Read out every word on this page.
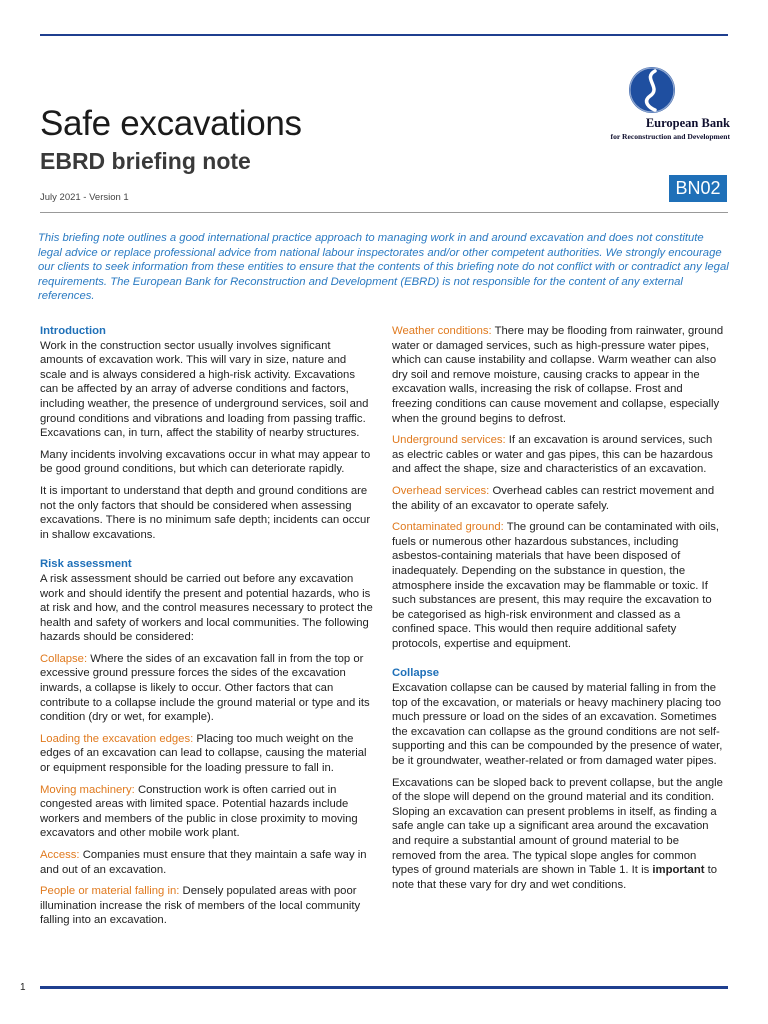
Safe excavations
EBRD briefing note
July 2021 - Version 1
European Bank
for Reconstruction and Development
BN02

This briefing note outlines a good international practice approach to managing work in and around excavation and does not constitute legal advice or replace professional advice from national labour inspectorates and/or other competent authorities. We strongly encourage our clients to seek information from these entities to ensure that the contents of this briefing note do not conflict with or contradict any legal requirements. The European Bank for Reconstruction and Development (EBRD) is not responsible for the content of any external references.

Introduction

Work in the construction sector usually involves significant amounts of excavation work. This will vary in size, nature and scale and is always considered a high-risk activity. Excavations can be affected by an array of adverse conditions and factors, including weather, the presence of underground services, soil and ground conditions and vibrations and loading from passing traffic. Excavations can, in turn, affect the stability of nearby structures.

Many incidents involving excavations occur in what may appear to be good ground conditions, but which can deteriorate rapidly.

It is important to understand that depth and ground conditions are not the only factors that should be considered when assessing excavations. There is no minimum safe depth; incidents can occur in shallow excavations.

Risk assessment

A risk assessment should be carried out before any excavation work and should identify the present and potential hazards, who is at risk and how, and the control measures necessary to protect the health and safety of workers and local communities. The following hazards should be considered:

Collapse: Where the sides of an excavation fall in from the top or excessive ground pressure forces the sides of the excavation inwards, a collapse is likely to occur. Other factors that can contribute to a collapse include the ground material or type and its condition (dry or wet, for example).

Loading the excavation edges: Placing too much weight on the edges of an excavation can lead to collapse, causing the material or equipment responsible for the loading pressure to fall in.

Moving machinery: Construction work is often carried out in congested areas with limited space. Potential hazards include workers and members of the public in close proximity to moving excavators and other mobile work plant.

Access: Companies must ensure that they maintain a safe way in and out of an excavation.

People or material falling in: Densely populated areas with poor illumination increase the risk of members of the local community falling into an excavation.

Weather conditions: There may be flooding from rainwater, ground water or damaged services, such as high-pressure water pipes, which can cause instability and collapse. Warm weather can also dry soil and remove moisture, causing cracks to appear in the excavation walls, increasing the risk of collapse. Frost and freezing conditions can cause movement and collapse, especially when the ground begins to defrost.

Underground services: If an excavation is around services, such as electric cables or water and gas pipes, this can be hazardous and affect the shape, size and characteristics of an excavation.

Overhead services: Overhead cables can restrict movement and the ability of an excavator to operate safely.

Contaminated ground: The ground can be contaminated with oils, fuels or numerous other hazardous substances, including asbestos-containing materials that have been disposed of inadequately. Depending on the substance in question, the atmosphere inside the excavation may be flammable or toxic. If such substances are present, this may require the excavation to be categorised as high-risk environment and classed as a confined space. This would then require additional safety protocols, expertise and equipment.

Collapse

Excavation collapse can be caused by material falling in from the top of the excavation, or materials or heavy machinery placing too much pressure or load on the sides of an excavation. Sometimes the excavation can collapse as the ground conditions are not self-supporting and this can be compounded by the presence of water, be it groundwater, weather-related or from damaged water pipes.

Excavations can be sloped back to prevent collapse, but the angle of the slope will depend on the ground material and its condition. Sloping an excavation can present problems in itself, as finding a safe angle can take up a significant area around the excavation and require a substantial amount of ground material to be removed from the area. The typical slope angles for common types of ground materials are shown in Table 1. It is important to note that these vary for dry and wet conditions.

1
